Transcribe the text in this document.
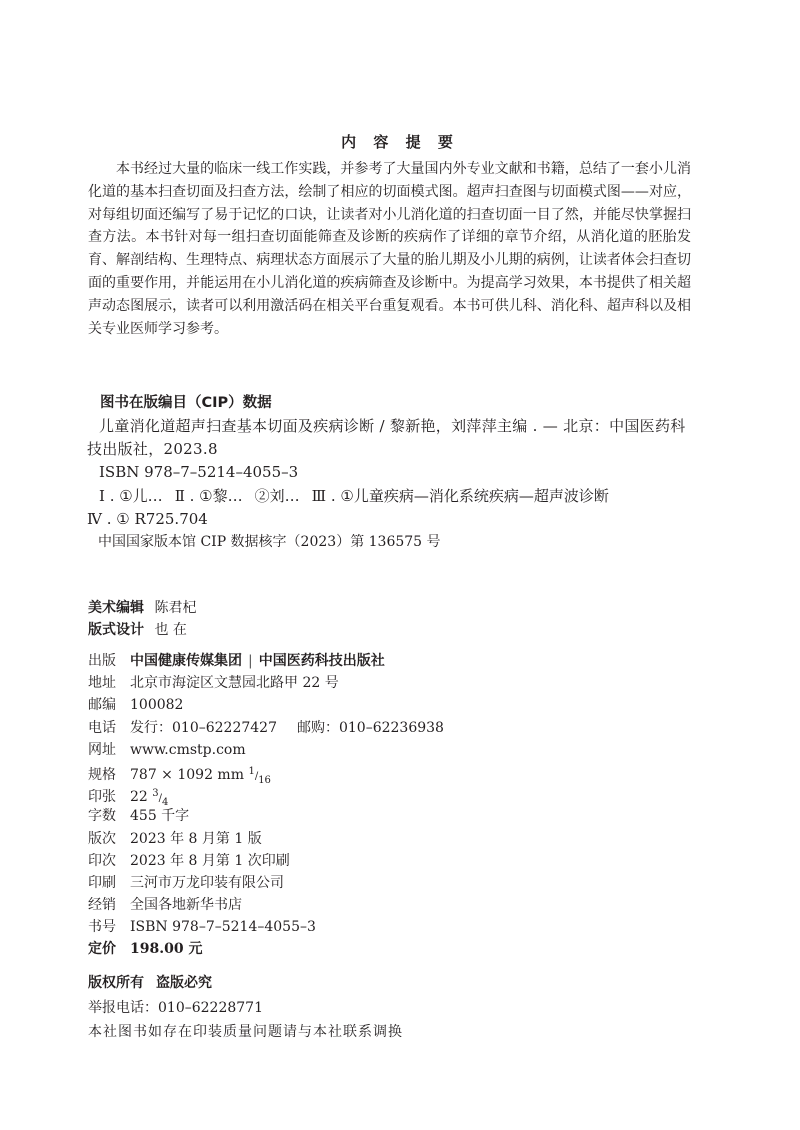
内 容 提 要

本书经过大量的临床一线工作实践，并参考了大量国内外专业文献和书籍，总结了一套小儿消化道的基本扫查切面及扫查方法，绘制了相应的切面模式图。超声扫查图与切面模式图——对应，对每组切面还编写了易于记忆的口诀，让读者对小儿消化道的扫查切面一目了然，并能尽快掌握扫查方法。本书针对每一组扫查切面能筛查及诊断的疾病作了详细的章节介绍，从消化道的胚胎发育、解剖结构、生理特点、病理状态方面展示了大量的胎儿期及小儿期的病例，让读者体会扫查切面的重要作用，并能运用在小儿消化道的疾病筛查及诊断中。为提高学习效果，本书提供了相关超声动态图展示，读者可以利用激活码在相关平台重复观看。本书可供儿科、消化科、超声科以及相关专业医师学习参考。

图书在版编目（CIP）数据

儿童消化道超声扫查基本切面及疾病诊断 / 黎新艳，刘萍萍主编 . — 北京：中国医药科技出版社，2023.8

ISBN 978–7–5214–4055–3

Ⅰ . ①儿… Ⅱ . ①黎… ②刘… Ⅲ . ①儿童疾病—消化系统疾病—超声波诊断

Ⅳ . ① R725.704

中国国家版本馆 CIP 数据核字（2023）第 136575 号

美术编辑 陈君杞
版式设计 也 在
出版 中国健康传媒集团 | 中国医药科技出版社
地址 北京市海淀区文慧园北路甲 22 号
邮编 100082
电话 发行：010–62227427 邮购：010–62236938
网址 www.cmstp.com
规格 787 × 1092 mm 1/16
印张 22 3/4
字数 455 千字
版次 2023 年 8 月第 1 版
印次 2023 年 8 月第 1 次印刷
印刷 三河市万龙印装有限公司
经销 全国各地新华书店
书号 ISBN 978–7–5214–4055–3
定价 198.00 元

版权所有 盗版必究

举报电话：010–62228771

本社图书如存在印装质量问题请与本社联系调换
